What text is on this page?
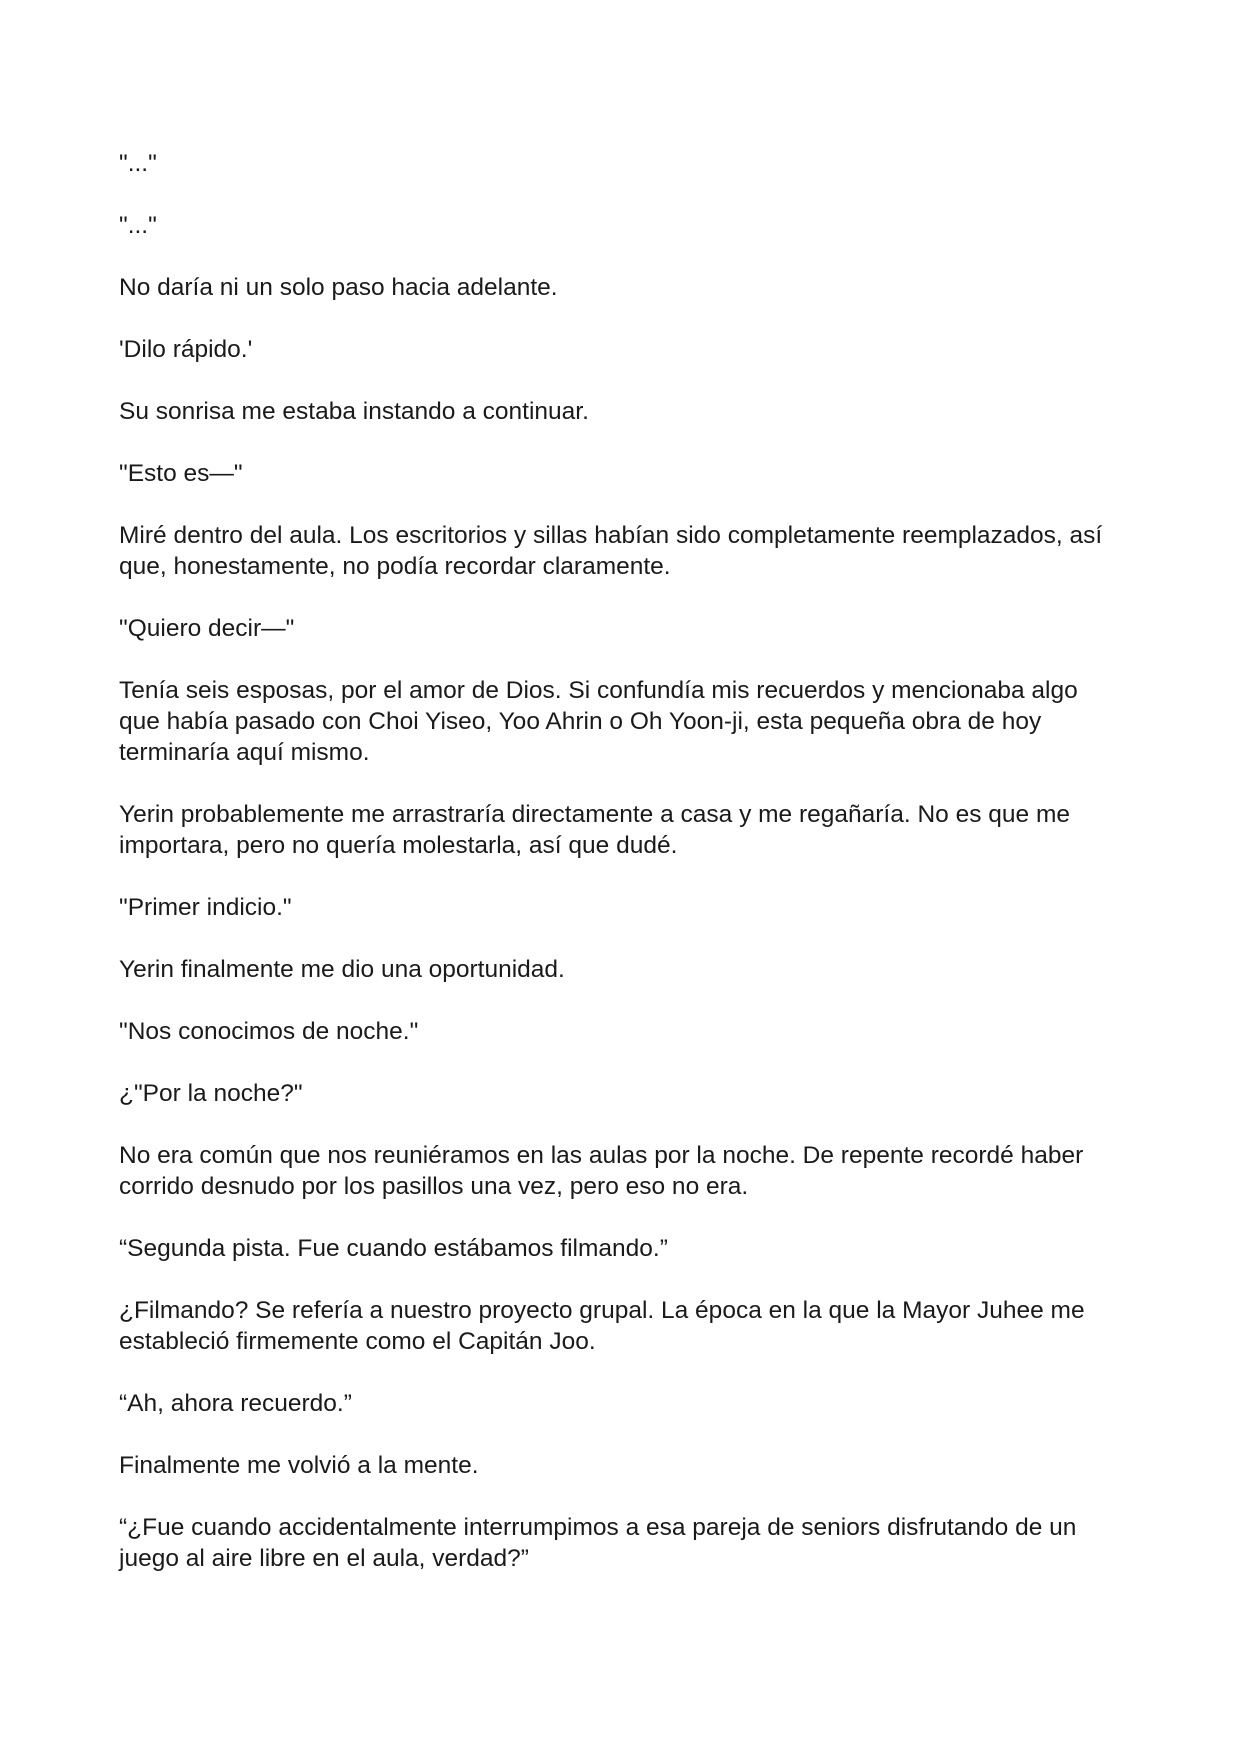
"..."

"..."

No daría ni un solo paso hacia adelante.

'Dilo rápido.'

Su sonrisa me estaba instando a continuar.

"Esto es—"

Miré dentro del aula. Los escritorios y sillas habían sido completamente reemplazados, así que, honestamente, no podía recordar claramente.

"Quiero decir—"

Tenía seis esposas, por el amor de Dios. Si confundía mis recuerdos y mencionaba algo que había pasado con Choi Yiseo, Yoo Ahrin o Oh Yoon-ji, esta pequeña obra de hoy terminaría aquí mismo.

Yerin probablemente me arrastraría directamente a casa y me regañaría. No es que me importara, pero no quería molestarla, así que dudé.

"Primer indicio."

Yerin finalmente me dio una oportunidad.

"Nos conocimos de noche."

¿"Por la noche?"

No era común que nos reuniéramos en las aulas por la noche. De repente recordé haber corrido desnudo por los pasillos una vez, pero eso no era.

“Segunda pista. Fue cuando estábamos filmando.”

¿Filmando? Se refería a nuestro proyecto grupal. La época en la que la Mayor Juhee me estableció firmemente como el Capitán Joo.

“Ah, ahora recuerdo.”

Finalmente me volvió a la mente.

“¿Fue cuando accidentalmente interrumpimos a esa pareja de seniors disfrutando de un juego al aire libre en el aula, verdad?”
